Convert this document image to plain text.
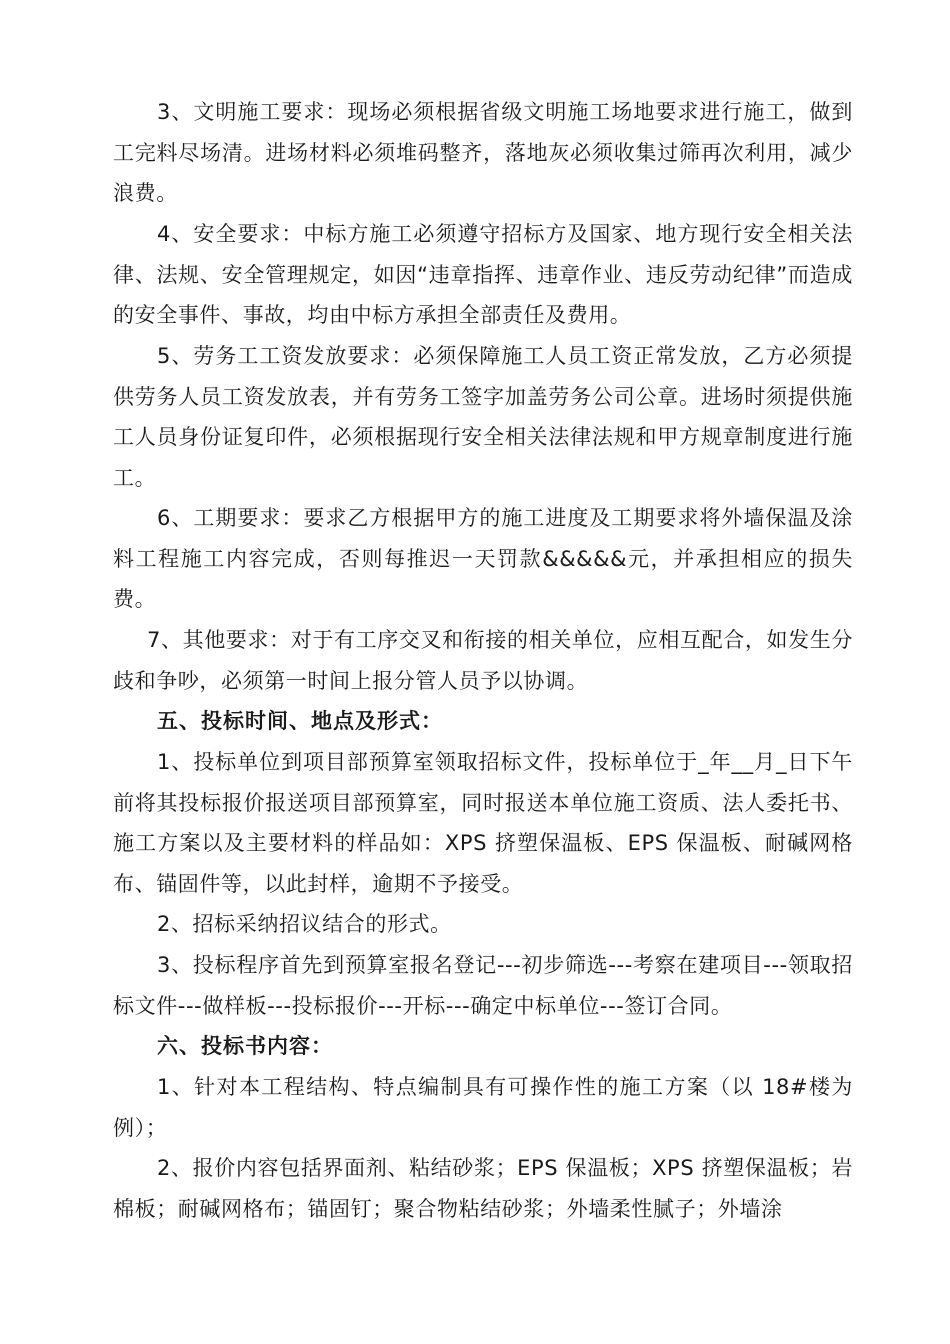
3、文明施工要求：现场必须根据省级文明施工场地要求进行施工，做到工完料尽场清。进场材料必须堆码整齐，落地灰必须收集过筛再次利用，减少浪费。

4、安全要求：中标方施工必须遵守招标方及国家、地方现行安全相关法律、法规、安全管理规定，如因“违章指挥、违章作业、违反劳动纪律”而造成的安全事件、事故，均由中标方承担全部责任及费用。

5、劳务工工资发放要求：必须保障施工人员工资正常发放，乙方必须提供劳务人员工资发放表，并有劳务工签字加盖劳务公司公章。进场时须提供施工人员身份证复印件，必须根据现行安全相关法律法规和甲方规章制度进行施工。

6、工期要求：要求乙方根据甲方的施工进度及工期要求将外墙保温及涂料工程施工内容完成，否则每推迟一天罚款&&&&&元，并承担相应的损失费。

7、其他要求：对于有工序交叉和衔接的相关单位，应相互配合，如发生分歧和争吵，必须第一时间上报分管人员予以协调。

五、投标时间、地点及形式：

1、投标单位到项目部预算室领取招标文件，投标单位于_年__月_日下午　前将其投标报价报送项目部预算室，同时报送本单位施工资质、法人委托书、施工方案以及主要材料的样品如：XPS 挤塑保温板、EPS 保温板、耐碱网格布、锚固件等，以此封样，逾期不予接受。

2、招标采纳招议结合的形式。

3、投标程序首先到预算室报名登记---初步筛选---考察在建项目---领取招标文件---做样板---投标报价---开标---确定中标单位---签订合同。

六、投标书内容：

1、针对本工程结构、特点编制具有可操作性的施工方案（以 18#楼为例）；

2、报价内容包括界面剂、粘结砂浆；EPS 保温板；XPS 挤塑保温板；岩棉板；耐碱网格布；锚固钉；聚合物粘结砂浆；外墙柔性腻子；外墙涂
